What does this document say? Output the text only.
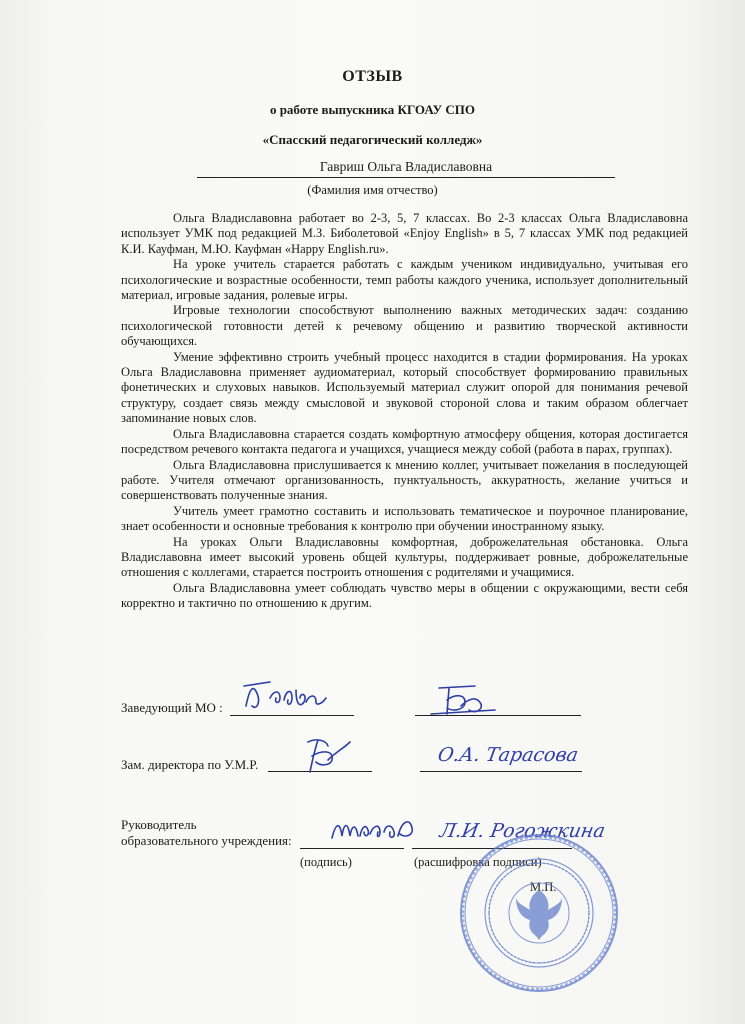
ОТЗЫВ
о работе выпускника КГОАУ СПО
«Спасский педагогический колледж»
Гавриш Ольга Владиславовна
(Фамилия имя отчество)

Ольга Владиславовна работает во 2-3, 5, 7 классах. Во 2-3 классах Ольга Владиславовна использует УМК под редакцией М.З. Биболетовой «Enjoy English» в 5, 7 классах УМК под редакцией К.И. Кауфман, М.Ю. Кауфман «Happy English.ru».

На уроке учитель старается работать с каждым учеником индивидуально, учитывая его психологические и возрастные особенности, темп работы каждого ученика, использует дополнительный материал, игровые задания, ролевые игры.

Игровые технологии способствуют выполнению важных методических задач: созданию психологической готовности детей к речевому общению и развитию творческой активности обучающихся.

Умение эффективно строить учебный процесс находится в стадии формирования. На уроках Ольга Владиславовна применяет аудиоматериал, который способствует формированию правильных фонетических и слуховых навыков. Используемый материал служит опорой для понимания речевой структуру, создает связь между смысловой и звуковой стороной слова и таким образом облегчает запоминание новых слов.

Ольга Владиславовна старается создать комфортную атмосферу общения, которая достигается посредством речевого контакта педагога и учащихся, учащиеся между собой (работа в парах, группах).

Ольга Владиславовна прислушивается к мнению коллег, учитывает пожелания в последующей работе. Учителя отмечают организованность, пунктуальность, аккуратность, желание учиться и совершенствовать полученные знания.

Учитель умеет грамотно составить и использовать тематическое и поурочное планирование, знает особенности и основные требования к контролю при обучении иностранному языку.

На уроках Ольги Владиславовны комфортная, доброжелательная обстановка. Ольга Владиславовна имеет высокий уровень общей культуры, поддерживает ровные, доброжелательные отношения с коллегами, старается построить отношения с родителями и учащимися.

Ольга Владиславовна умеет соблюдать чувство меры в общении с окружающими, вести себя корректно и тактично по отношению к другим.

Заведующий МО :
Зам. директора по У.М.Р.	О.А. Тарасова
Руководитель
образовательного учреждения:	Л.И. Рогожкина
(подпись)	(расшифровка подписи)
М.П.
